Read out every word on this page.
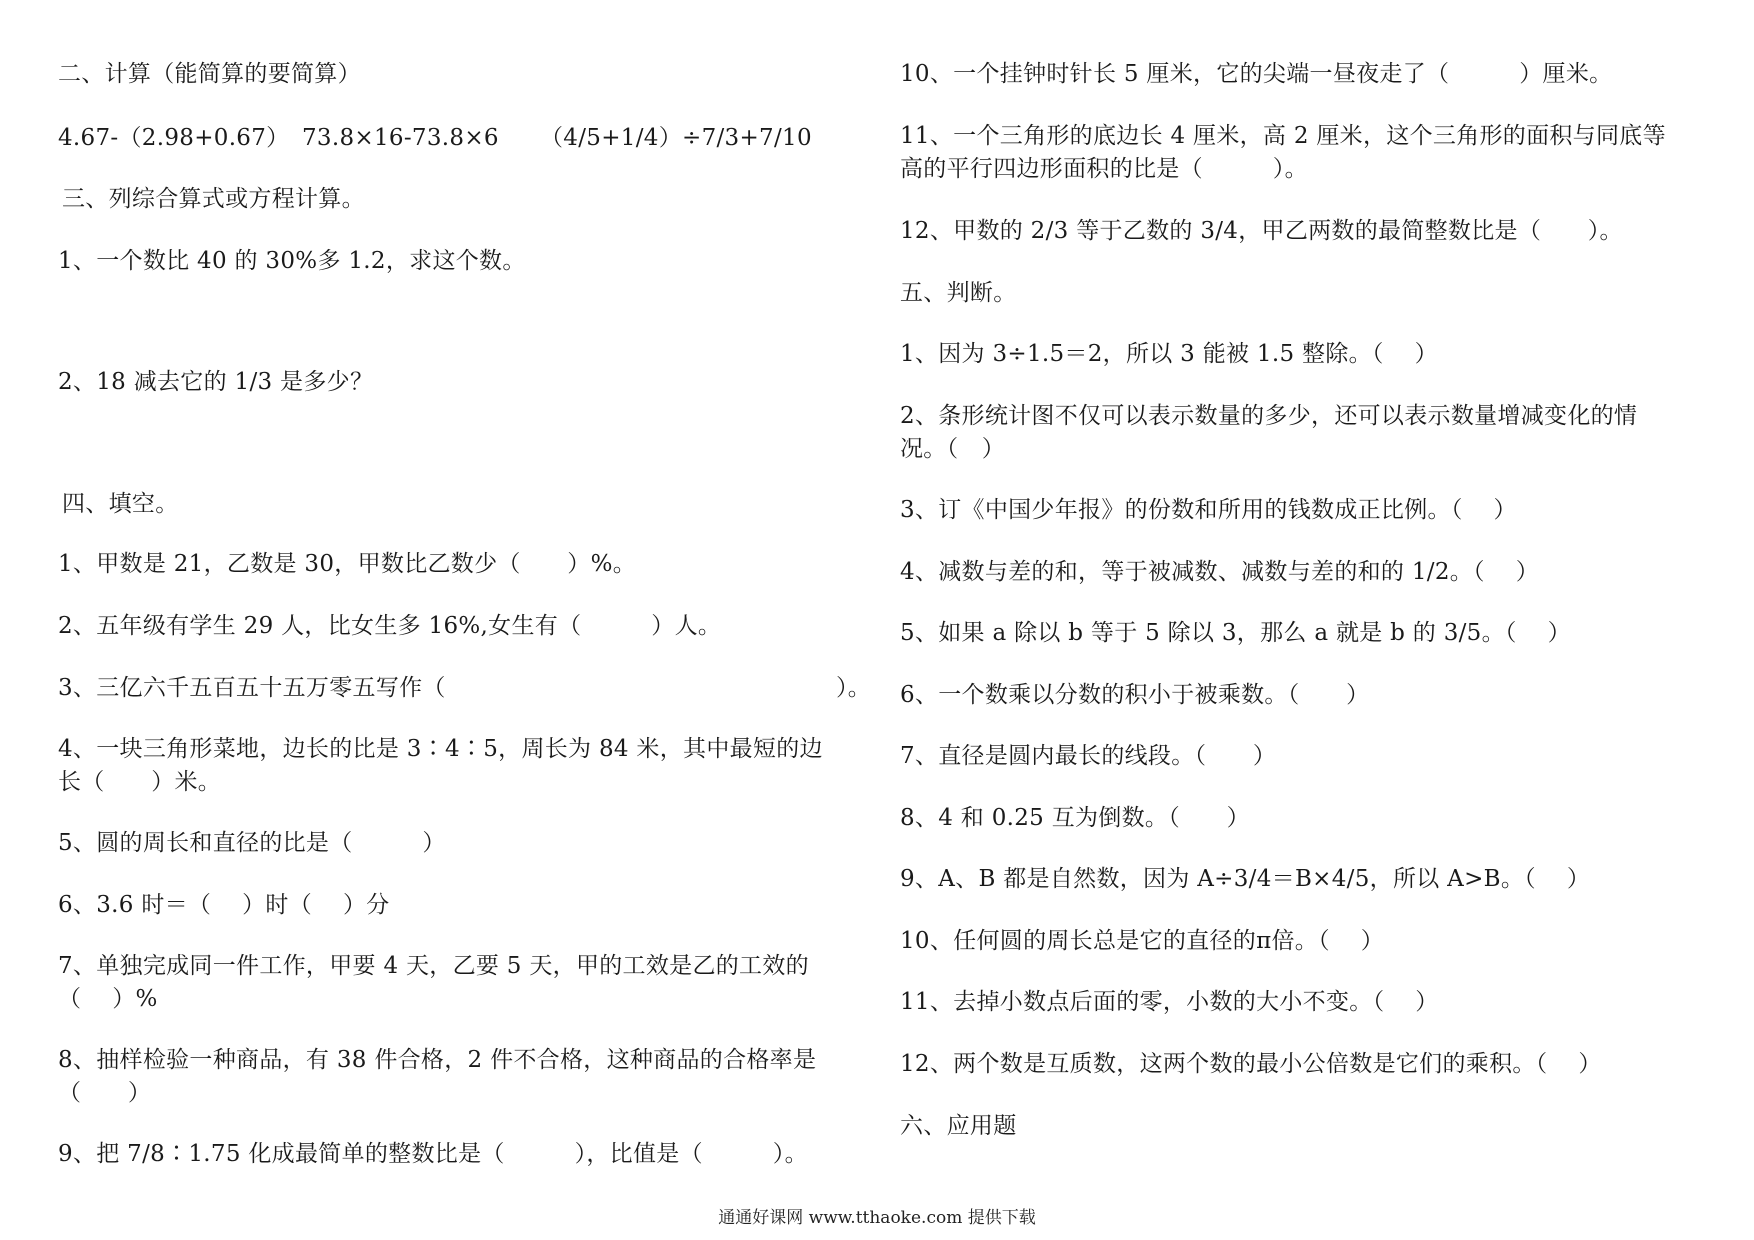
二、计算（能简算的要简算）
4.67-（2.98+0.67） 73.8×16-73.8×6 （4/5+1/4）÷7/3+7/10
三、列综合算式或方程计算。
1、一个数比 40 的 30%多 1.2，求这个数。
2、18 减去它的 1/3 是多少？
四、填空。
1、甲数是 21，乙数是 30，甲数比乙数少（　　）%。
2、五年级有学生 29 人，比女生多 16%,女生有（　　　）人。
3、三亿六千五百五十五万零五写作（	）。
4、一块三角形菜地，边长的比是 3∶4∶5，周长为 84 米，其中最短的边
长（　　）米。
5、圆的周长和直径的比是（　　　）
6、3.6 时＝（　 ）时（　 ）分
7、单独完成同一件工作，甲要 4 天，乙要 5 天，甲的工效是乙的工效的
（　 ）%
8、抽样检验一种商品，有 38 件合格，2 件不合格，这种商品的合格率是
（　　）
9、把 7/8∶1.75 化成最简单的整数比是（　　　），比值是（　　　）。
10、一个挂钟时针长 5 厘米，它的尖端一昼夜走了（　　　）厘米。
11、一个三角形的底边长 4 厘米，高 2 厘米，这个三角形的面积与同底等
高的平行四边形面积的比是（　　　）。
12、甲数的 2/3 等于乙数的 3/4，甲乙两数的最简整数比是（　　）。
五、判断。
1、因为 3÷1.5＝2，所以 3 能被 1.5 整除。（　 ）
2、条形统计图不仅可以表示数量的多少，还可以表示数量增减变化的情
况。（　）
3、订《中国少年报》的份数和所用的钱数成正比例。（　 ）
4、减数与差的和，等于被减数、减数与差的和的 1/2。（　 ）
5、如果 a 除以 b 等于 5 除以 3，那么 a 就是 b 的 3/5。（　 ）
6、一个数乘以分数的积小于被乘数。（　　）
7、直径是圆内最长的线段。（　　）
8、4 和 0.25 互为倒数。（　　）
9、A、B 都是自然数，因为 A÷3/4＝B×4/5，所以 A>B。（　 ）
10、任何圆的周长总是它的直径的π倍。（　 ）
11、去掉小数点后面的零，小数的大小不变。（　 ）
12、两个数是互质数，这两个数的最小公倍数是它们的乘积。（　 ）
六、应用题
通通好课网 www.tthaoke.com 提供下载
